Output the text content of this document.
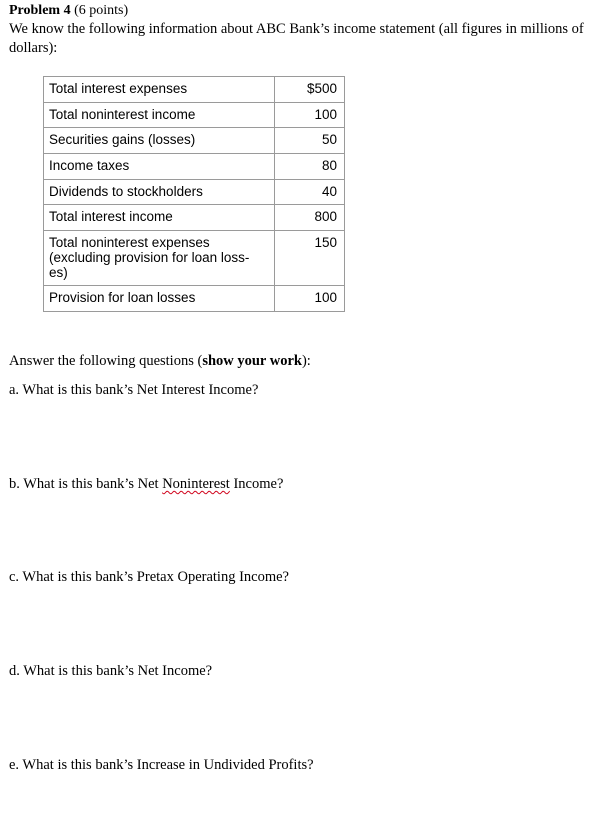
Problem 4 (6 points)
We know the following information about ABC Bank’s income statement (all figures in millions of dollars):
Total interest expenses	$500
Total noninterest income	100
Securities gains (losses)	50
Income taxes	80
Dividends to stockholders	40
Total interest income	800
Total noninterest expenses (excluding provision for loan loss-es)	150
Provision for loan losses	100
Answer the following questions (show your work):
a. What is this bank’s Net Interest Income?
b. What is this bank’s Net Noninterest Income?
c. What is this bank’s Pretax Operating Income?
d. What is this bank’s Net Income?
e. What is this bank’s Increase in Undivided Profits?
